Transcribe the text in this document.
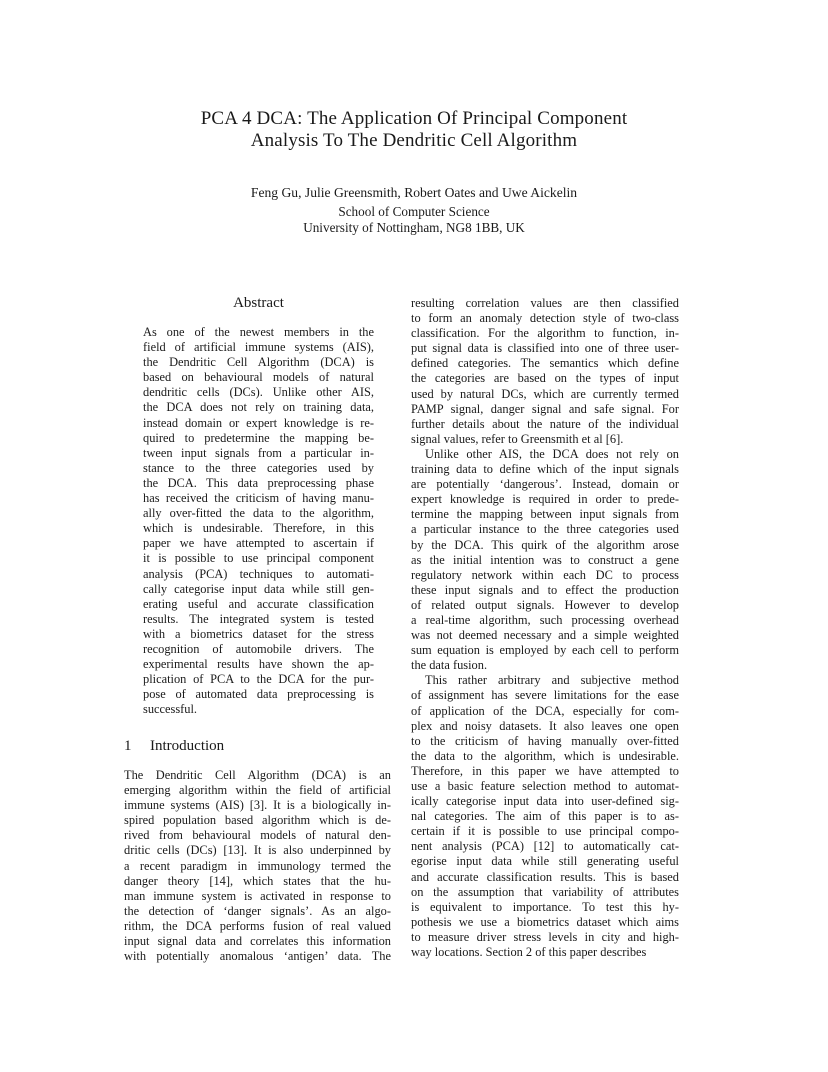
PCA 4 DCA: The Application Of Principal Component
Analysis To The Dendritic Cell Algorithm
Feng Gu, Julie Greensmith, Robert Oates and Uwe Aickelin
School of Computer Science
University of Nottingham, NG8 1BB, UK
Abstract
As one of the newest members in the
field of artificial immune systems (AIS),
the Dendritic Cell Algorithm (DCA) is
based on behavioural models of natural
dendritic cells (DCs). Unlike other AIS,
the DCA does not rely on training data,
instead domain or expert knowledge is re-
quired to predetermine the mapping be-
tween input signals from a particular in-
stance to the three categories used by
the DCA. This data preprocessing phase
has received the criticism of having manu-
ally over-fitted the data to the algorithm,
which is undesirable. Therefore, in this
paper we have attempted to ascertain if
it is possible to use principal component
analysis (PCA) techniques to automati-
cally categorise input data while still gen-
erating useful and accurate classification
results. The integrated system is tested
with a biometrics dataset for the stress
recognition of automobile drivers. The
experimental results have shown the ap-
plication of PCA to the DCA for the pur-
pose of automated data preprocessing is
successful.
1 Introduction
The Dendritic Cell Algorithm (DCA) is an
emerging algorithm within the field of artificial
immune systems (AIS) [3]. It is a biologically in-
spired population based algorithm which is de-
rived from behavioural models of natural den-
dritic cells (DCs) [13]. It is also underpinned by
a recent paradigm in immunology termed the
danger theory [14], which states that the hu-
man immune system is activated in response to
the detection of ‘danger signals’. As an algo-
rithm, the DCA performs fusion of real valued
input signal data and correlates this information
with potentially anomalous ‘antigen’ data. The
resulting correlation values are then classified
to form an anomaly detection style of two-class
classification. For the algorithm to function, in-
put signal data is classified into one of three user-
defined categories. The semantics which define
the categories are based on the types of input
used by natural DCs, which are currently termed
PAMP signal, danger signal and safe signal. For
further details about the nature of the individual
signal values, refer to Greensmith et al [6].
Unlike other AIS, the DCA does not rely on
training data to define which of the input signals
are potentially ‘dangerous’. Instead, domain or
expert knowledge is required in order to prede-
termine the mapping between input signals from
a particular instance to the three categories used
by the DCA. This quirk of the algorithm arose
as the initial intention was to construct a gene
regulatory network within each DC to process
these input signals and to effect the production
of related output signals. However to develop
a real-time algorithm, such processing overhead
was not deemed necessary and a simple weighted
sum equation is employed by each cell to perform
the data fusion.
This rather arbitrary and subjective method
of assignment has severe limitations for the ease
of application of the DCA, especially for com-
plex and noisy datasets. It also leaves one open
to the criticism of having manually over-fitted
the data to the algorithm, which is undesirable.
Therefore, in this paper we have attempted to
use a basic feature selection method to automat-
ically categorise input data into user-defined sig-
nal categories. The aim of this paper is to as-
certain if it is possible to use principal compo-
nent analysis (PCA) [12] to automatically cat-
egorise input data while still generating useful
and accurate classification results. This is based
on the assumption that variability of attributes
is equivalent to importance. To test this hy-
pothesis we use a biometrics dataset which aims
to measure driver stress levels in city and high-
way locations. Section 2 of this paper describes
